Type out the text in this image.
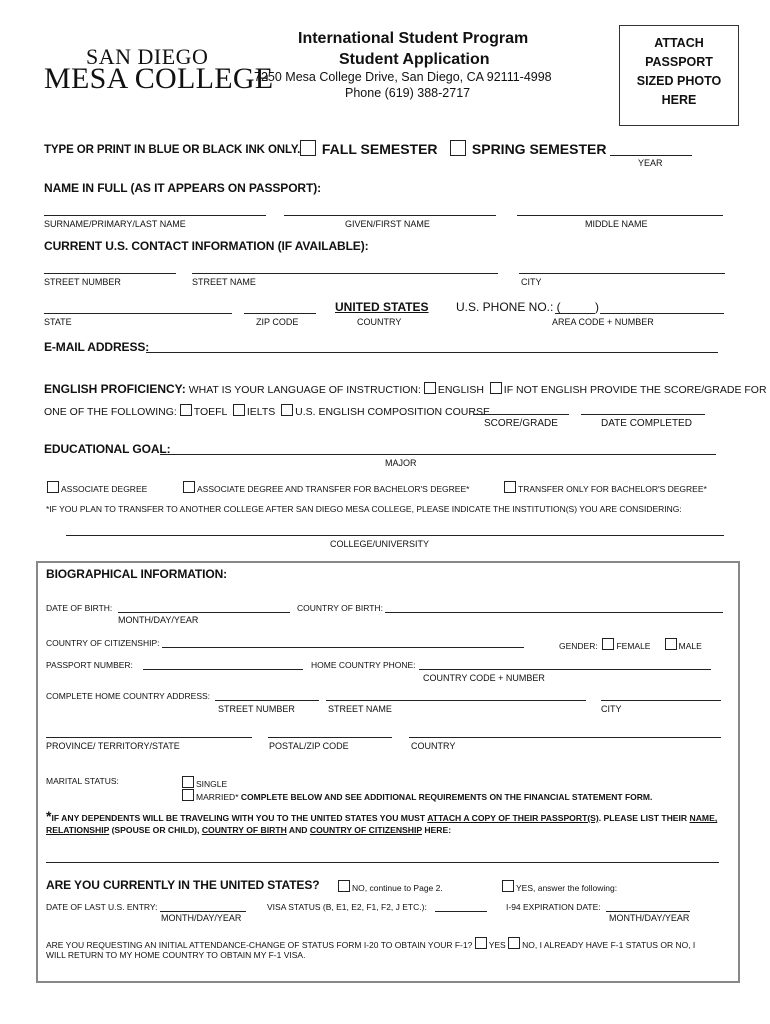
SAN DIEGO
MESA COLLEGE
International Student Program
Student Application
7250 Mesa College Drive, San Diego, CA 92111-4998
Phone (619) 388-2717
ATTACH
PASSPORT
SIZED PHOTO
HERE
TYPE OR PRINT IN BLUE OR BLACK INK ONLY.	FALL SEMESTER	SPRING SEMESTER
YEAR
NAME IN FULL (AS IT APPEARS ON PASSPORT):
SURNAME/PRIMARY/LAST NAME	GIVEN/FIRST NAME	MIDDLE NAME
CURRENT U.S. CONTACT INFORMATION (IF AVAILABLE):
STREET NUMBER	STREET NAME	CITY
UNITED STATES U.S. PHONE NO.: (	)
STATE	ZIP CODE	COUNTRY	AREA CODE + NUMBER
E-MAIL ADDRESS:
ENGLISH PROFICIENCY: WHAT IS YOUR LANGUAGE OF INSTRUCTION: ENGLISH IF NOT ENGLISH PROVIDE THE SCORE/GRADE FOR
ONE OF THE FOLLOWING: TOEFL IELTS U.S. ENGLISH COMPOSITION COURSE
SCORE/GRADE	DATE COMPLETED
EDUCATIONAL GOAL:
MAJOR
ASSOCIATE DEGREE	ASSOCIATE DEGREE AND TRANSFER FOR BACHELOR'S DEGREE*	TRANSFER ONLY FOR BACHELOR'S DEGREE*
*IF YOU PLAN TO TRANSFER TO ANOTHER COLLEGE AFTER SAN DIEGO MESA COLLEGE, PLEASE INDICATE THE INSTITUTION(S) YOU ARE CONSIDERING:
COLLEGE/UNIVERSITY
BIOGRAPHICAL INFORMATION:
DATE OF BIRTH:
MONTH/DAY/YEAR
COUNTRY OF BIRTH:
COUNTRY OF CITIZENSHIP:	GENDER: FEMALE	MALE
PASSPORT NUMBER:	HOME COUNTRY PHONE:
COUNTRY CODE + NUMBER
COMPLETE HOME COUNTRY ADDRESS:
STREET NUMBER	STREET NAME	CITY
PROVINCE/ TERRITORY/STATE	POSTAL/ZIP CODE	COUNTRY
MARITAL STATUS:	SINGLE
MARRIED* COMPLETE BELOW AND SEE ADDITIONAL REQUIREMENTS ON THE FINANCIAL STATEMENT FORM.
*IF ANY DEPENDENTS WILL BE TRAVELING WITH YOU TO THE UNITED STATES YOU MUST ATTACH A COPY OF THEIR PASSPORT(S). PLEASE LIST THEIR NAME,
RELATIONSHIP (SPOUSE OR CHILD), COUNTRY OF BIRTH AND COUNTRY OF CITIZENSHIP HERE:
ARE YOU CURRENTLY IN THE UNITED STATES?	NO, continue to Page 2.	YES, answer the following:
DATE OF LAST U.S. ENTRY:
MONTH/DAY/YEAR
VISA STATUS (B, E1, E2, F1, F2, J ETC.):	I-94 EXPIRATION DATE:
MONTH/DAY/YEAR
ARE YOU REQUESTING AN INITIAL ATTENDANCE-CHANGE OF STATUS FORM I-20 TO OBTAIN YOUR F-1? YES NO, I ALREADY HAVE F-1 STATUS OR NO, I
WILL RETURN TO MY HOME COUNTRY TO OBTAIN MY F-1 VISA.
